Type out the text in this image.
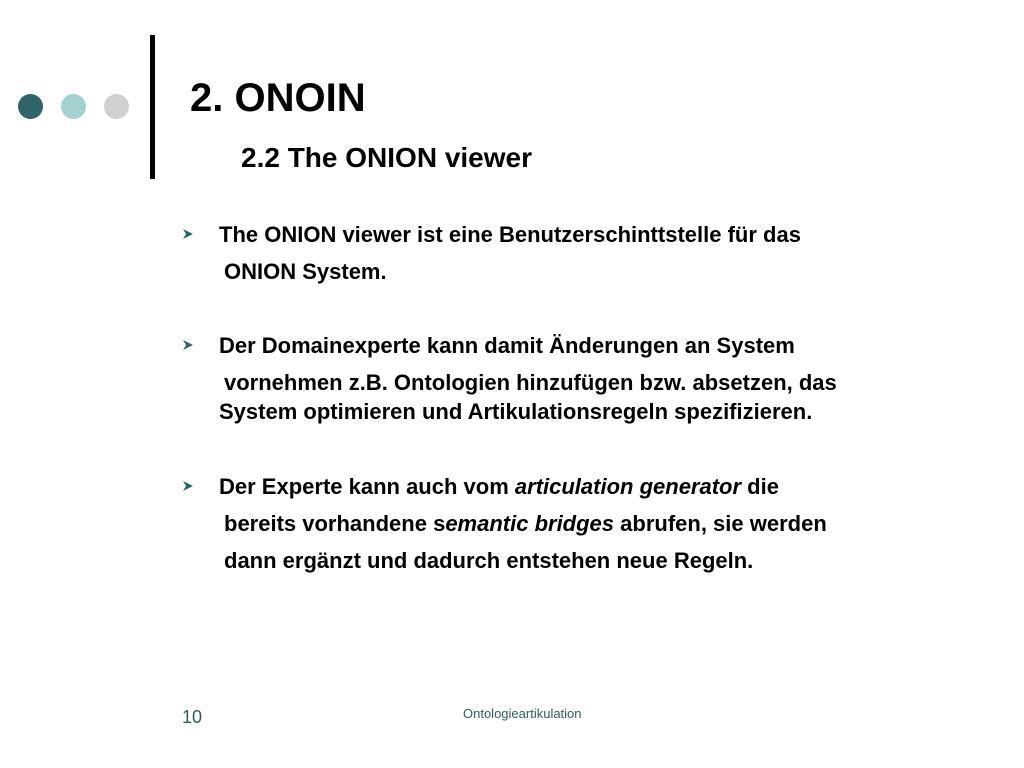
2. ONOIN
2.2 The ONION viewer
The ONION viewer ist eine Benutzerschinttstelle für das
ONION System.
Der Domainexperte kann damit Änderungen an System
vornehmen z.B. Ontologien hinzufügen bzw. absetzen, das
System optimieren und Artikulationsregeln spezifizieren.
Der Experte kann auch vom articulation generator die
bereits vorhandene semantic bridges abrufen, sie werden
dann ergänzt und dadurch entstehen neue Regeln.
10	Ontologieartikulation
